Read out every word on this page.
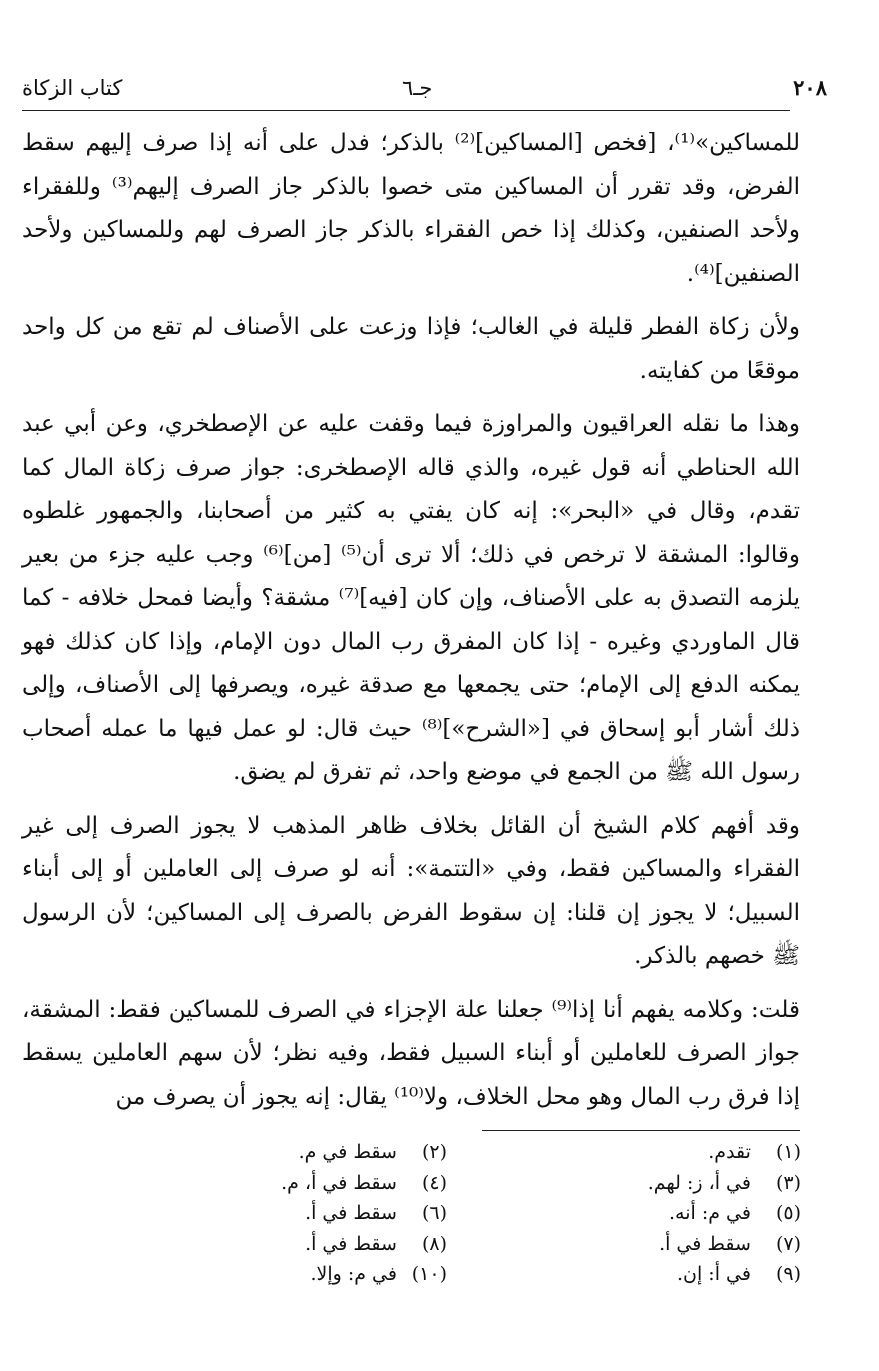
٢٠٨
جـ٦
كتاب الزكاة

للمساكين»⁽¹⁾، [فخص [المساكين]⁽²⁾ بالذكر؛ فدل على أنه إذا صرف إليهم سقط الفرض، وقد تقرر أن المساكين متى خصوا بالذكر جاز الصرف إليهم⁽³⁾ وللفقراء ولأحد الصنفين، وكذلك إذا خص الفقراء بالذكر جاز الصرف لهم وللمساكين ولأحد الصنفين]⁽⁴⁾.

ولأن زكاة الفطر قليلة في الغالب؛ فإذا وزعت على الأصناف لم تقع من كل واحد موقعًا من كفايته.

وهذا ما نقله العراقيون والمراوزة فيما وقفت عليه عن الإصطخري، وعن أبي عبد الله الحناطي أنه قول غيره، والذي قاله الإصطخرى: جواز صرف زكاة المال كما تقدم، وقال في «البحر»: إنه كان يفتي به كثير من أصحابنا، والجمهور غلطوه وقالوا: المشقة لا ترخص في ذلك؛ ألا ترى أن⁽⁵⁾ [من]⁽⁶⁾ وجب عليه جزء من بعير يلزمه التصدق به على الأصناف، وإن كان [فيه]⁽⁷⁾ مشقة؟ وأيضا فمحل خلافه - كما قال الماوردي وغيره - إذا كان المفرق رب المال دون الإمام، وإذا كان كذلك فهو يمكنه الدفع إلى الإمام؛ حتى يجمعها مع صدقة غيره، ويصرفها إلى الأصناف، وإلى ذلك أشار أبو إسحاق في [«الشرح»]⁽⁸⁾ حيث قال: لو عمل فيها ما عمله أصحاب رسول الله ﷺ من الجمع في موضع واحد، ثم تفرق لم يضق.

وقد أفهم كلام الشيخ أن القائل بخلاف ظاهر المذهب لا يجوز الصرف إلى غير الفقراء والمساكين فقط، وفي «التتمة»: أنه لو صرف إلى العاملين أو إلى أبناء السبيل؛ لا يجوز إن قلنا: إن سقوط الفرض بالصرف إلى المساكين؛ لأن الرسول ﷺ خصهم بالذكر.

قلت: وكلامه يفهم أنا إذا⁽⁹⁾ جعلنا علة الإجزاء في الصرف للمساكين فقط: المشقة، جواز الصرف للعاملين أو أبناء السبيل فقط، وفيه نظر؛ لأن سهم العاملين يسقط إذا فرق رب المال وهو محل الخلاف، ولا⁽¹⁰⁾ يقال: إنه يجوز أن يصرف من

(١) تقدم.
(٣) في أ، ز: لهم.
(٥) في م: أنه.
(٧) سقط في أ.
(٩) في أ: إن.
(٢) سقط في م.
(٤) سقط في أ، م.
(٦) سقط في أ.
(٨) سقط في أ.
(١٠) في م: وإلا.
